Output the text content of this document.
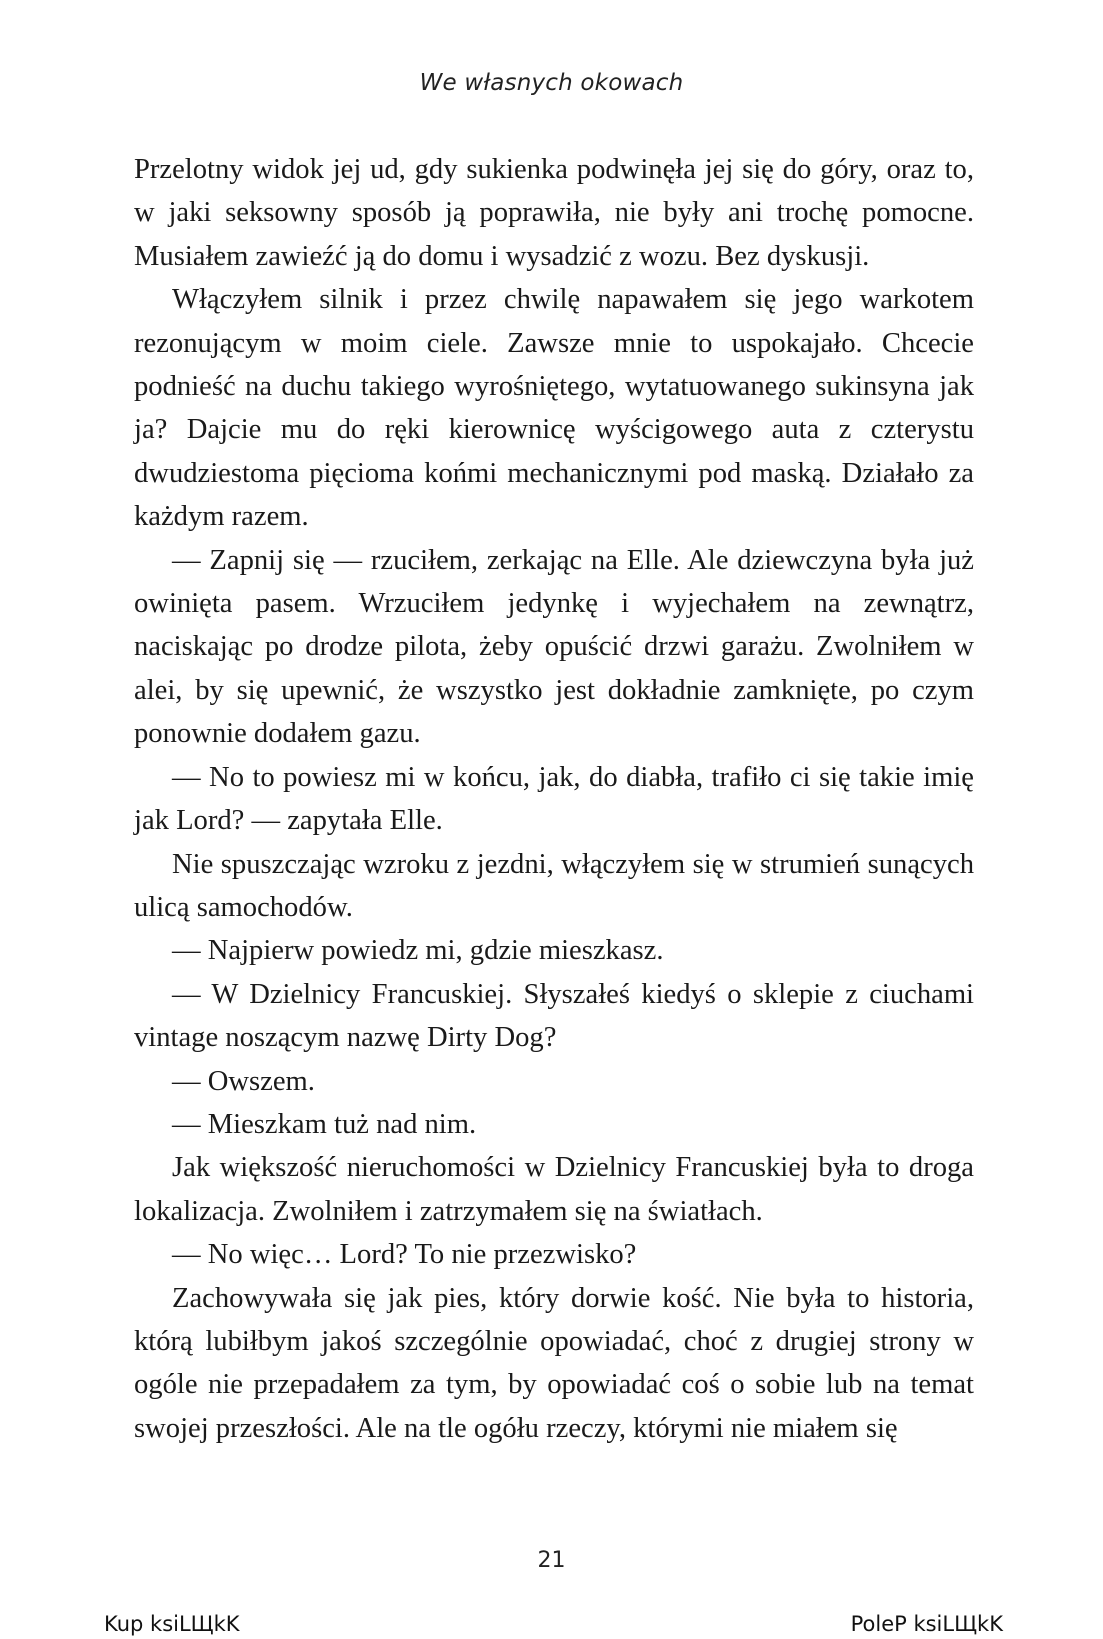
We własnych okowach

Przelotny widok jej ud, gdy sukienka podwinęła jej się do góry, oraz to, w jaki seksowny sposób ją poprawiła, nie były ani trochę pomocne. Musiałem zawieźć ją do domu i wysadzić z wozu. Bez dyskusji.

Włączyłem silnik i przez chwilę napawałem się jego warkotem rezonującym w moim ciele. Zawsze mnie to uspokajało. Chcecie podnieść na duchu takiego wyrośniętego, wytatuowanego sukinsyna jak ja? Dajcie mu do ręki kierownicę wyścigowego auta z czterystu dwudziestoma pięcioma końmi mechanicznymi pod maską. Działało za każdym razem.

— Zapnij się — rzuciłem, zerkając na Elle. Ale dziewczyna była już owinięta pasem. Wrzuciłem jedynkę i wyjechałem na zewnątrz, naciskając po drodze pilota, żeby opuścić drzwi garażu. Zwolniłem w alei, by się upewnić, że wszystko jest dokładnie zamknięte, po czym ponownie dodałem gazu.

— No to powiesz mi w końcu, jak, do diabła, trafiło ci się takie imię jak Lord? — zapytała Elle.

Nie spuszczając wzroku z jezdni, włączyłem się w strumień sunących ulicą samochodów.

— Najpierw powiedz mi, gdzie mieszkasz.

— W Dzielnicy Francuskiej. Słyszałeś kiedyś o sklepie z ciuchami vintage noszącym nazwę Dirty Dog?

— Owszem.

— Mieszkam tuż nad nim.

Jak większość nieruchomości w Dzielnicy Francuskiej była to droga lokalizacja. Zwolniłem i zatrzymałem się na światłach.

— No więc… Lord? To nie przezwisko?

Zachowywała się jak pies, który dorwie kość. Nie była to historia, którą lubiłbym jakoś szczególnie opowiadać, choć z drugiej strony w ogóle nie przepadałem za tym, by opowiadać coś o sobie lub na temat swojej przeszłości. Ale na tle ogółu rzeczy, którymi nie miałem się

21
Kup ksiLЩkK	PoleP ksiLЩkK
